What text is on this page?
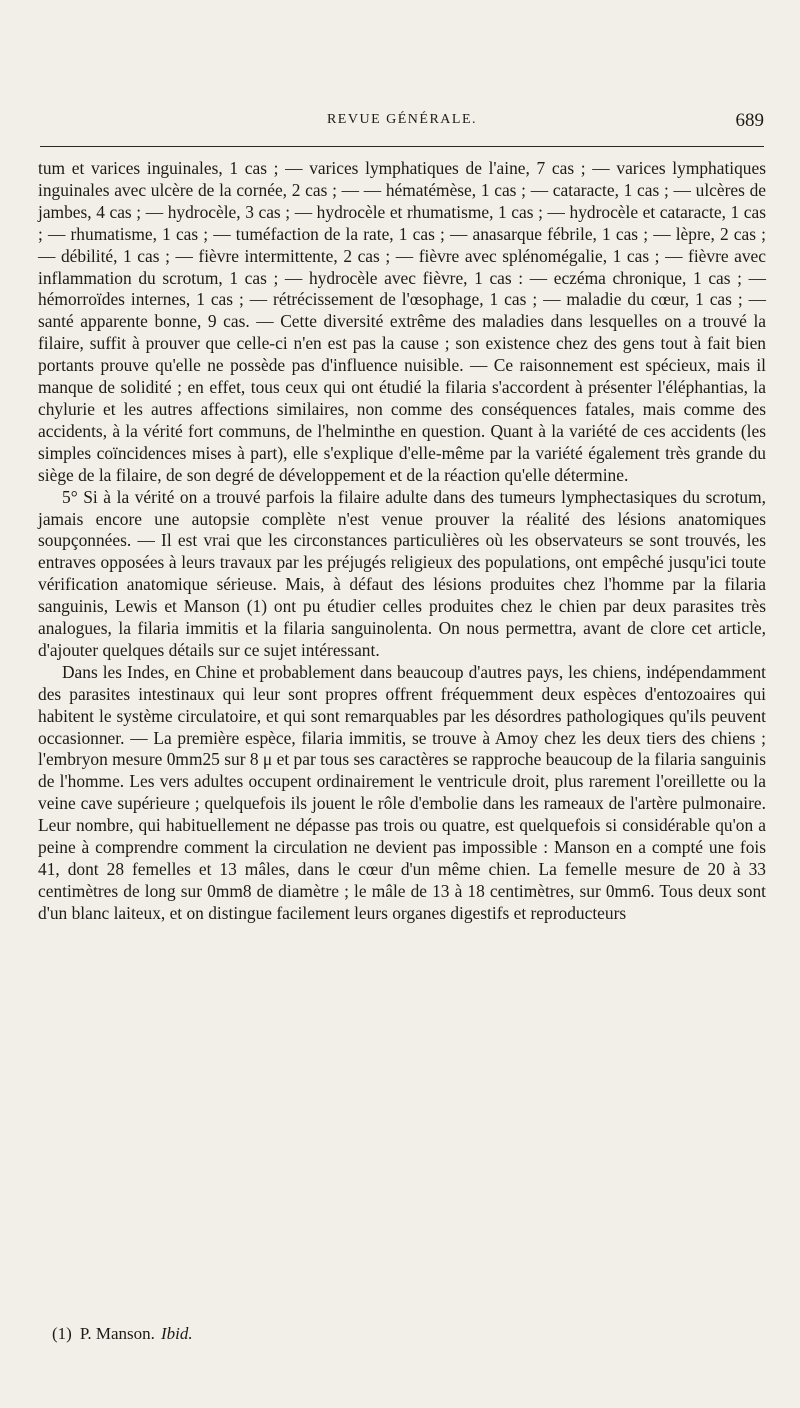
REVUE GÉNÉRALE.	689

tum et varices inguinales, 1 cas ; — varices lymphatiques de l'aine, 7 cas ; — varices lymphatiques inguinales avec ulcère de la cornée, 2 cas ; — — hématémèse, 1 cas ; — cataracte, 1 cas ; — ulcères de jambes, 4 cas ; — hydrocèle, 3 cas ; — hydrocèle et rhumatisme, 1 cas ; — hydrocèle et cataracte, 1 cas ; — rhumatisme, 1 cas ; — tuméfaction de la rate, 1 cas ; — anasarque fébrile, 1 cas ; — lèpre, 2 cas ; — débilité, 1 cas ; — fièvre intermittente, 2 cas ; — fièvre avec splénomégalie, 1 cas ; — fièvre avec inflammation du scrotum, 1 cas ; — hydrocèle avec fièvre, 1 cas : — eczéma chronique, 1 cas ; — hémorroïdes internes, 1 cas ; — rétrécissement de l'œsophage, 1 cas ; — maladie du cœur, 1 cas ; — santé apparente bonne, 9 cas. — Cette diversité extrême des maladies dans lesquelles on a trouvé la filaire, suffit à prouver que celle-ci n'en est pas la cause ; son existence chez des gens tout à fait bien portants prouve qu'elle ne possède pas d'influence nuisible. — Ce raisonnement est spécieux, mais il manque de solidité ; en effet, tous ceux qui ont étudié la filaria s'accordent à présenter l'éléphantias, la chylurie et les autres affections similaires, non comme des conséquences fatales, mais comme des accidents, à la vérité fort communs, de l'helminthe en question. Quant à la variété de ces accidents (les simples coïncidences mises à part), elle s'explique d'elle-même par la variété également très grande du siège de la filaire, de son degré de développement et de la réaction qu'elle détermine.

5° Si à la vérité on a trouvé parfois la filaire adulte dans des tumeurs lymphectasiques du scrotum, jamais encore une autopsie complète n'est venue prouver la réalité des lésions anatomiques soupçonnées. — Il est vrai que les circonstances particulières où les observateurs se sont trouvés, les entraves opposées à leurs travaux par les préjugés religieux des populations, ont empêché jusqu'ici toute vérification anatomique sérieuse. Mais, à défaut des lésions produites chez l'homme par la filaria sanguinis, Lewis et Manson (1) ont pu étudier celles produites chez le chien par deux parasites très analogues, la filaria immitis et la filaria sanguinolenta. On nous permettra, avant de clore cet article, d'ajouter quelques détails sur ce sujet intéressant.

Dans les Indes, en Chine et probablement dans beaucoup d'autres pays, les chiens, indépendamment des parasites intestinaux qui leur sont propres offrent fréquemment deux espèces d'entozoaires qui habitent le système circulatoire, et qui sont remarquables par les désordres pathologiques qu'ils peuvent occasionner. — La première espèce, filaria immitis, se trouve à Amoy chez les deux tiers des chiens ; l'embryon mesure 0mm25 sur 8 μ et par tous ses caractères se rapproche beaucoup de la filaria sanguinis de l'homme. Les vers adultes occupent ordinairement le ventricule droit, plus rarement l'oreillette ou la veine cave supérieure ; quelquefois ils jouent le rôle d'embolie dans les rameaux de l'artère pulmonaire. Leur nombre, qui habituellement ne dépasse pas trois ou quatre, est quelquefois si considérable qu'on a peine à comprendre comment la circulation ne devient pas impossible : Manson en a compté une fois 41, dont 28 femelles et 13 mâles, dans le cœur d'un même chien. La femelle mesure de 20 à 33 centimètres de long sur 0mm8 de diamètre ; le mâle de 13 à 18 centimètres, sur 0mm6. Tous deux sont d'un blanc laiteux, et on distingue facilement leurs organes digestifs et reproducteurs

(1) P. Manson. Ibid.
